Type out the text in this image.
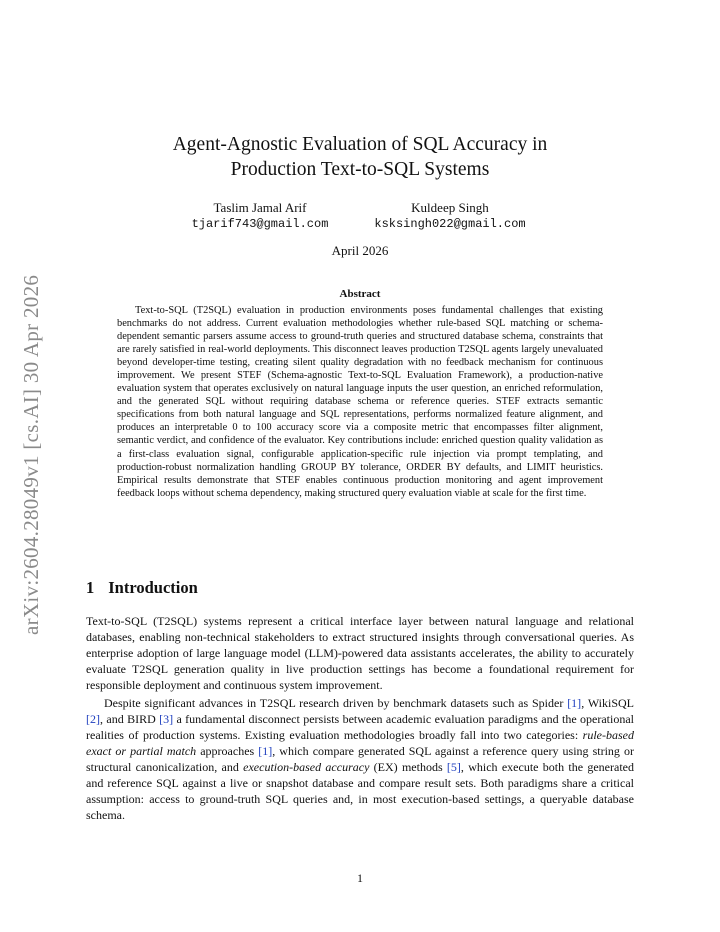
arXiv:2604.28049v1 [cs.AI] 30 Apr 2026
Agent-Agnostic Evaluation of SQL Accuracy in
Production Text-to-SQL Systems
Taslim Jamal Arif
tjarif743@gmail.com
Kuldeep Singh
ksksingh022@gmail.com
April 2026
Abstract

Text-to-SQL (T2SQL) evaluation in production environments poses fundamental challenges that existing benchmarks do not address. Current evaluation methodologies whether rule-based SQL matching or schema-dependent semantic parsers assume access to ground-truth queries and structured database schema, constraints that are rarely satisfied in real-world deployments. This disconnect leaves production T2SQL agents largely unevaluated beyond developer-time testing, creating silent quality degradation with no feedback mechanism for continuous improvement. We present STEF (Schema-agnostic Text-to-SQL Evaluation Framework), a production-native evaluation system that operates exclusively on natural language inputs the user question, an enriched reformulation, and the generated SQL without requiring database schema or reference queries. STEF extracts semantic specifications from both natural language and SQL representations, performs normalized feature alignment, and produces an interpretable 0 to 100 accuracy score via a composite metric that encompasses filter alignment, semantic verdict, and confidence of the evaluator. Key contributions include: enriched question quality validation as a first-class evaluation signal, configurable application-specific rule injection via prompt templating, and production-robust normalization handling GROUP BY tolerance, ORDER BY defaults, and LIMIT heuristics. Empirical results demonstrate that STEF enables continuous production monitoring and agent improvement feedback loops without schema dependency, making structured query evaluation viable at scale for the first time.

1 Introduction

Text-to-SQL (T2SQL) systems represent a critical interface layer between natural language and relational databases, enabling non-technical stakeholders to extract structured insights through conversational queries. As enterprise adoption of large language model (LLM)-powered data assistants accelerates, the ability to accurately evaluate T2SQL generation quality in live production settings has become a foundational requirement for responsible deployment and continuous system improvement.

Despite significant advances in T2SQL research driven by benchmark datasets such as Spider [1], WikiSQL [2], and BIRD [3] a fundamental disconnect persists between academic evaluation paradigms and the operational realities of production systems. Existing evaluation methodologies broadly fall into two categories: rule-based exact or partial match approaches [1], which compare generated SQL against a reference query using string or structural canonicalization, and execution-based accuracy (EX) methods [5], which execute both the generated and reference SQL against a live or snapshot database and compare result sets. Both paradigms share a critical assumption: access to ground-truth SQL queries and, in most execution-based settings, a queryable database schema.

1
